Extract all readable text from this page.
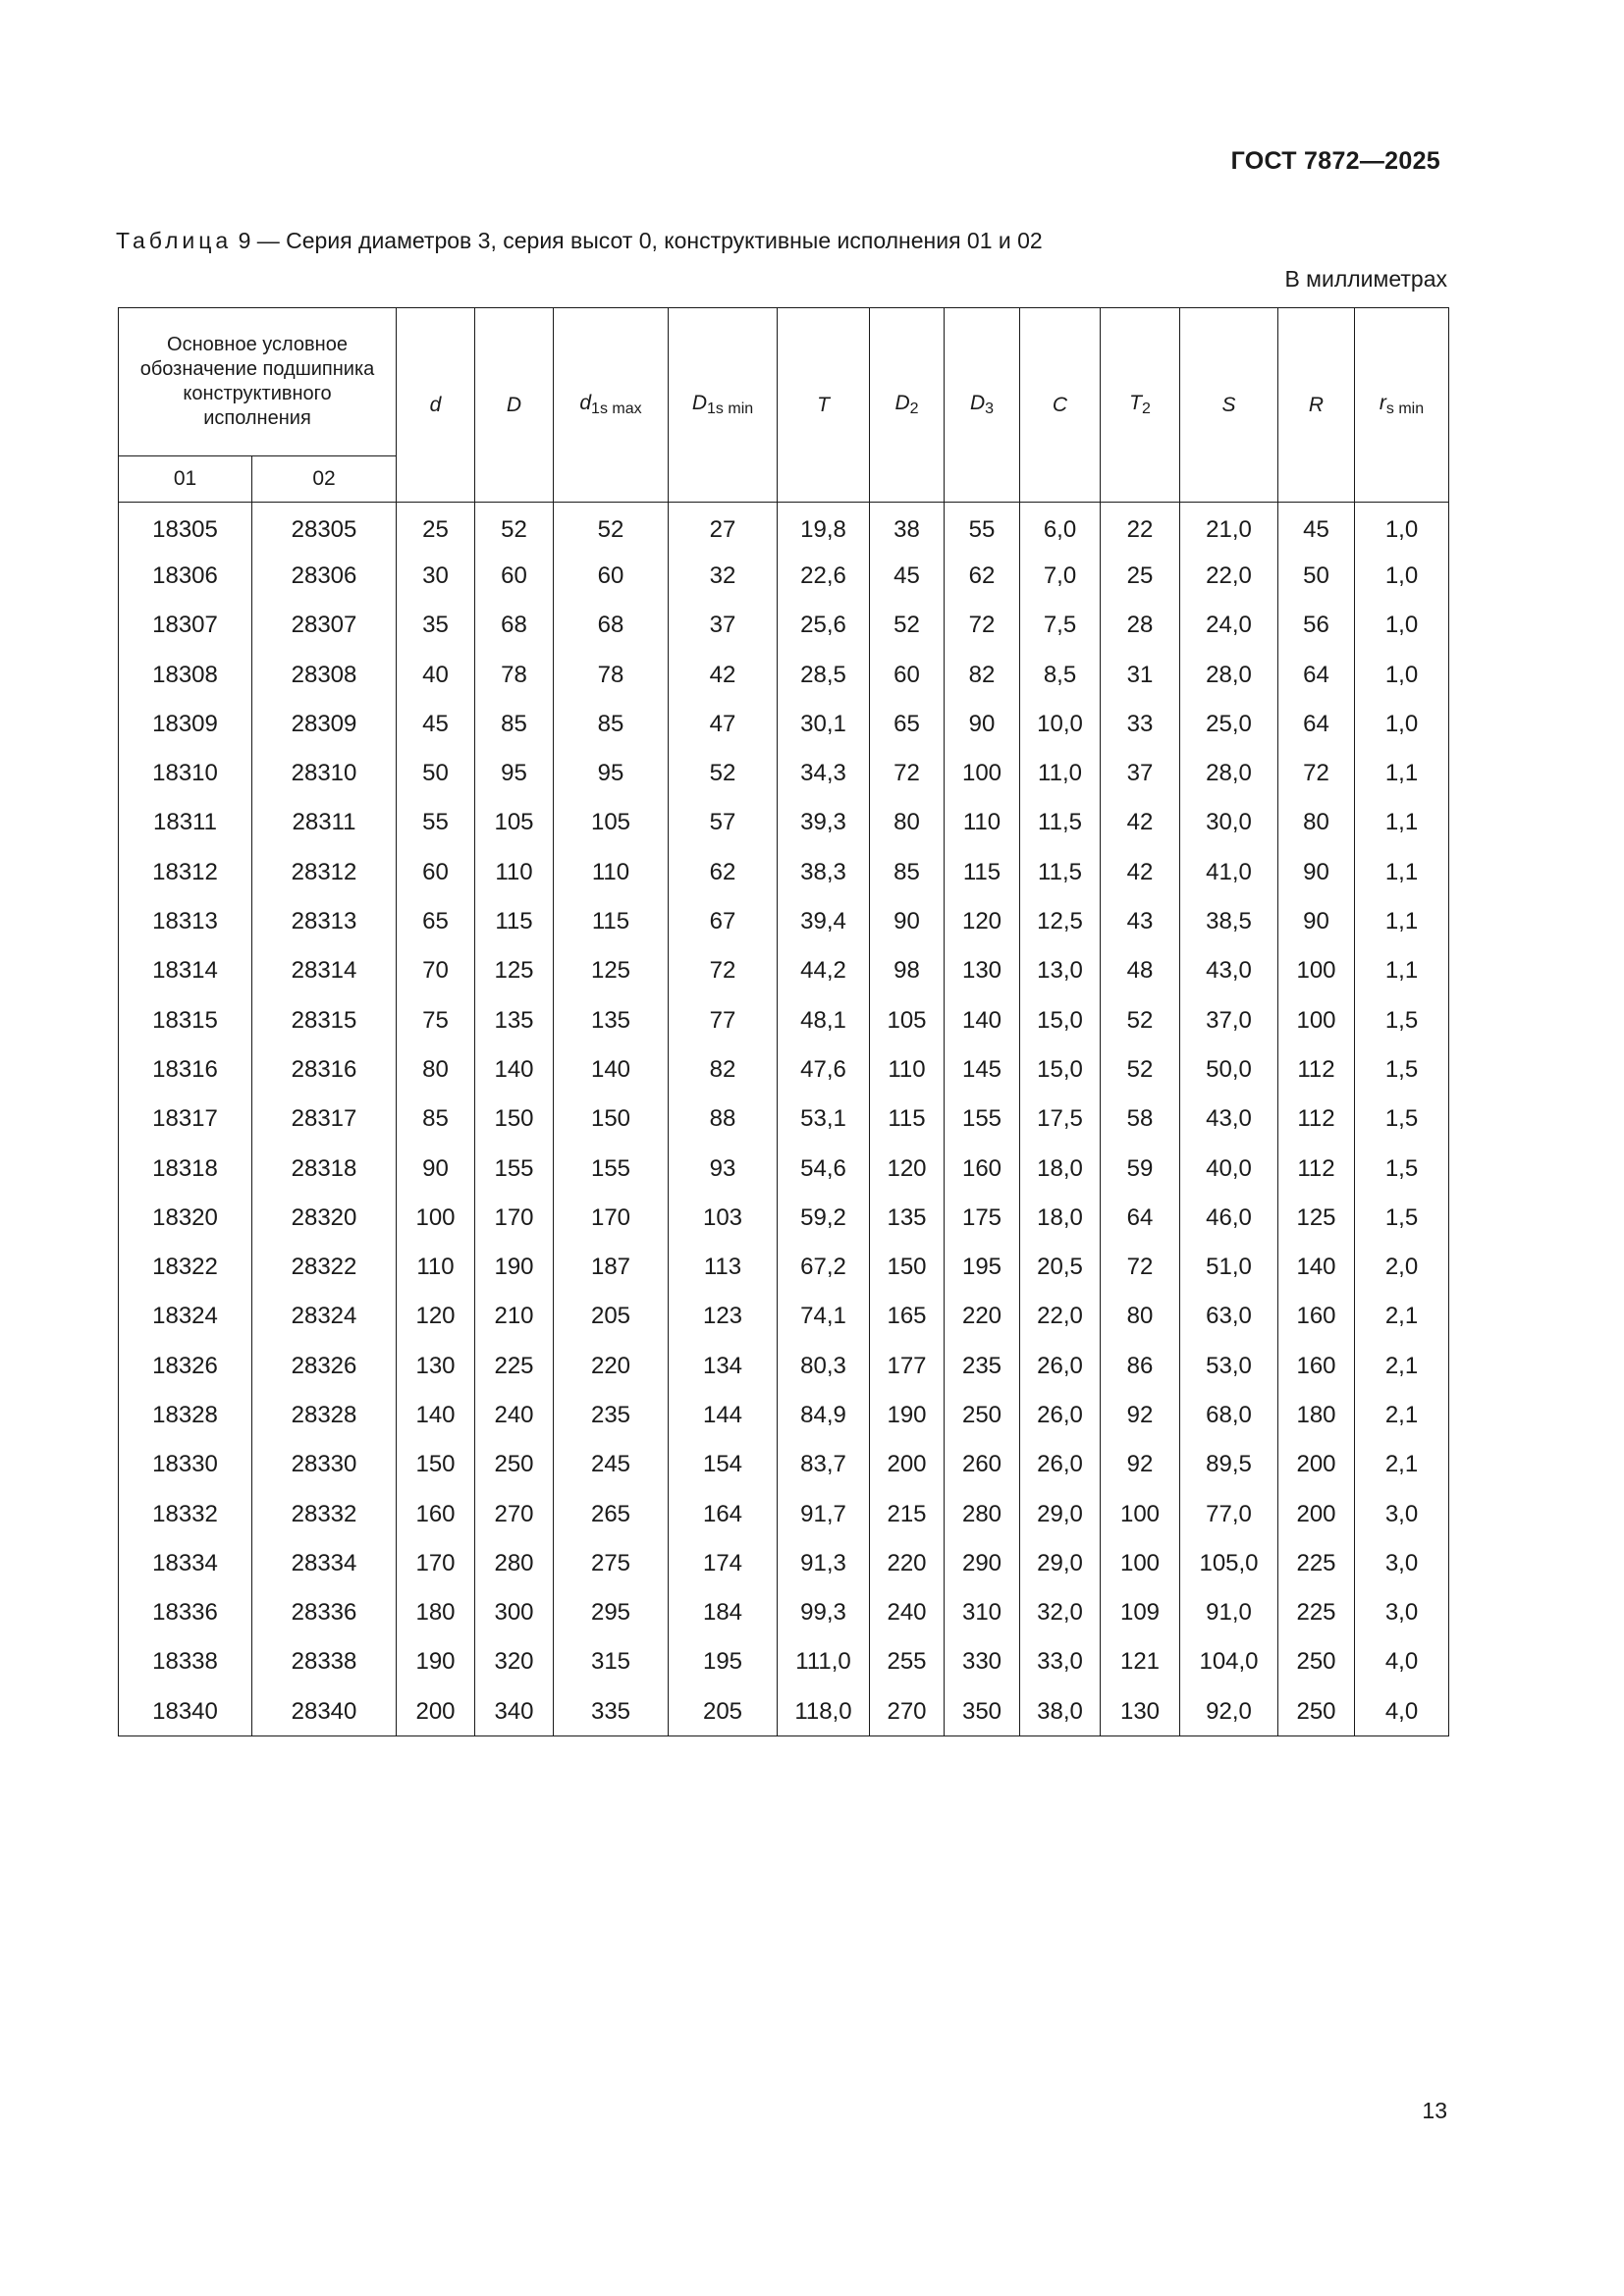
ГОСТ 7872—2025
Таблица 9 — Серия диаметров 3, серия высот 0, конструктивные исполнения 01 и 02
В миллиметрах
Основное условное обозначение подшипника конструктивного исполнения		d	D	$d_{1s max}$	$D_{1s min}$	T	$D_2$	$D_3$	C	$T_2$	S	R	$r_{s min}$
01	02												
18305	28305	25	52	52	27	19,8	38	55	6,0	22	21,0	45	1,0
18306	28306	30	60	60	32	22,6	45	62	7,0	25	22,0	50	1,0
18307	28307	35	68	68	37	25,6	52	72	7,5	28	24,0	56	1,0
18308	28308	40	78	78	42	28,5	60	82	8,5	31	28,0	64	1,0
18309	28309	45	85	85	47	30,1	65	90	10,0	33	25,0	64	1,0
18310	28310	50	95	95	52	34,3	72	100	11,0	37	28,0	72	1,1
18311	28311	55	105	105	57	39,3	80	110	11,5	42	30,0	80	1,1
18312	28312	60	110	110	62	38,3	85	115	11,5	42	41,0	90	1,1
18313	28313	65	115	115	67	39,4	90	120	12,5	43	38,5	90	1,1
18314	28314	70	125	125	72	44,2	98	130	13,0	48	43,0	100	1,1
18315	28315	75	135	135	77	48,1	105	140	15,0	52	37,0	100	1,5
18316	28316	80	140	140	82	47,6	110	145	15,0	52	50,0	112	1,5
18317	28317	85	150	150	88	53,1	115	155	17,5	58	43,0	112	1,5
18318	28318	90	155	155	93	54,6	120	160	18,0	59	40,0	112	1,5
18320	28320	100	170	170	103	59,2	135	175	18,0	64	46,0	125	1,5
18322	28322	110	190	187	113	67,2	150	195	20,5	72	51,0	140	2,0
18324	28324	120	210	205	123	74,1	165	220	22,0	80	63,0	160	2,1
18326	28326	130	225	220	134	80,3	177	235	26,0	86	53,0	160	2,1
18328	28328	140	240	235	144	84,9	190	250	26,0	92	68,0	180	2,1
18330	28330	150	250	245	154	83,7	200	260	26,0	92	89,5	200	2,1
18332	28332	160	270	265	164	91,7	215	280	29,0	100	77,0	200	3,0
18334	28334	170	280	275	174	91,3	220	290	29,0	100	105,0	225	3,0
18336	28336	180	300	295	184	99,3	240	310	32,0	109	91,0	225	3,0
18338	28338	190	320	315	195	111,0	255	330	33,0	121	104,0	250	4,0
18340	28340	200	340	335	205	118,0	270	350	38,0	130	92,0	250	4,0
13
